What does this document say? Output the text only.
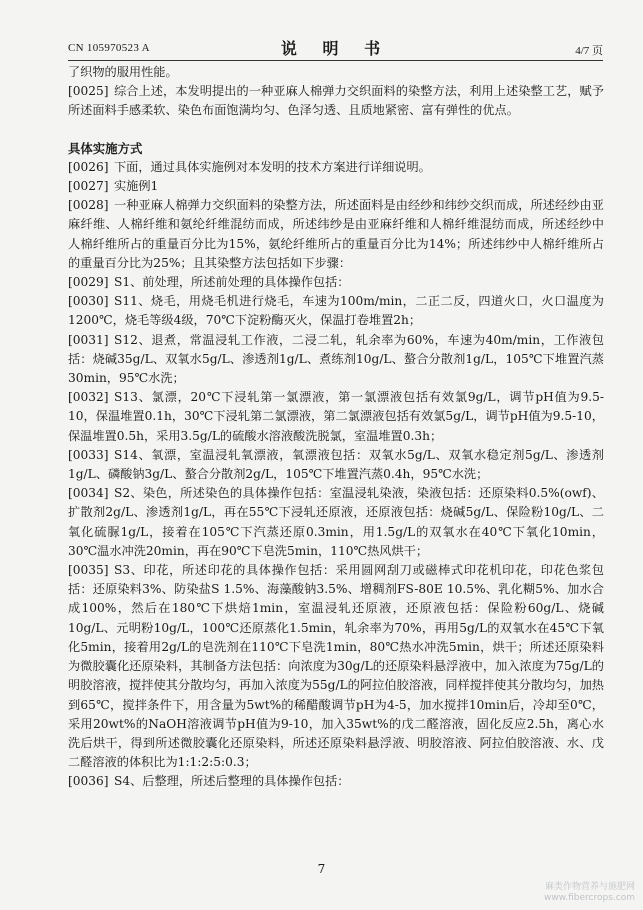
CN 105970523 A	说 明 书	4/7 页

了织物的服用性能。

[0025] 综合上述，本发明提出的一种亚麻人棉弹力交织面料的染整方法，利用上述染整工艺，赋予所述面料手感柔软、染色布面饱满均匀、色泽匀透、且质地紧密、富有弹性的优点。

具体实施方式

[0026] 下面，通过具体实施例对本发明的技术方案进行详细说明。

[0027] 实施例1

[0028] 一种亚麻人棉弹力交织面料的染整方法，所述面料是由经纱和纬纱交织而成，所述经纱由亚麻纤维、人棉纤维和氨纶纤维混纺而成，所述纬纱是由亚麻纤维和人棉纤维混纺而成，所述经纱中人棉纤维所占的重量百分比为15%，氨纶纤维所占的重量百分比为14%；所述纬纱中人棉纤维所占的重量百分比为25%；且其染整方法包括如下步骤：

[0029] S1、前处理，所述前处理的具体操作包括：

[0030] S11、烧毛，用烧毛机进行烧毛，车速为100m/min，二正二反，四道火口，火口温度为1200℃，烧毛等级4级，70℃下淀粉酶灭火，保温打卷堆置2h；

[0031] S12、退煮，常温浸轧工作液，二浸二轧，轧余率为60%，车速为40m/min，工作液包括：烧碱35g/L、双氧水5g/L、渗透剂1g/L、煮练剂10g/L、螯合分散剂1g/L，105℃下堆置汽蒸30min，95℃水洗；

[0032] S13、氯漂，20℃下浸轧第一氯漂液，第一氯漂液包括有效氯9g/L，调节pH值为9.5-10，保温堆置0.1h，30℃下浸轧第二氯漂液，第二氯漂液包括有效氯5g/L，调节pH值为9.5-10，保温堆置0.5h，采用3.5g/L的硫酸水溶液酸洗脱氯，室温堆置0.3h；

[0033] S14、氧漂，室温浸轧氧漂液，氧漂液包括：双氧水5g/L、双氧水稳定剂5g/L、渗透剂1g/L、磷酸钠3g/L、螯合分散剂2g/L，105℃下堆置汽蒸0.4h，95℃水洗；

[0034] S2、染色，所述染色的具体操作包括：室温浸轧染液，染液包括：还原染料0.5%(owf)、扩散剂2g/L、渗透剂1g/L，再在55℃下浸轧还原液，还原液包括：烧碱5g/L、保险粉10g/L、二氧化硫脲1g/L，接着在105℃下汽蒸还原0.3min，用1.5g/L的双氧水在40℃下氧化10min，30℃温水冲洗20min，再在90℃下皂洗5min，110℃热风烘干；

[0035] S3、印花，所述印花的具体操作包括：采用圆网刮刀或磁棒式印花机印花，印花色浆包括：还原染料3%、防染盐S 1.5%、海藻酸钠3.5%、增稠剂FS-80E 10.5%、乳化糊5%、加水合成100%，然后在180℃下烘焙1min，室温浸轧还原液，还原液包括：保险粉60g/L、烧碱10g/L、元明粉10g/L，100℃还原蒸化1.5min，轧余率为70%，再用5g/L的双氧水在45℃下氧化5min，接着用2g/L的皂洗剂在110℃下皂洗1min，80℃热水冲洗5min，烘干；所述还原染料为微胶囊化还原染料，其制备方法包括：向浓度为30g/L的还原染料悬浮液中，加入浓度为75g/L的明胶溶液，搅拌使其分散均匀，再加入浓度为55g/L的阿拉伯胶溶液，同样搅拌使其分散均匀，加热到65℃，搅拌条件下，用含量为5wt%的稀醋酸调节pH为4-5，加水搅拌10min后，冷却至0℃，采用20wt%的NaOH溶液调节pH值为9-10，加入35wt%的戊二醛溶液，固化反应2.5h，离心水洗后烘干，得到所述微胶囊化还原染料，所述还原染料悬浮液、明胶溶液、阿拉伯胶溶液、水、戊二醛溶液的体积比为1:1:2:5:0.3；

[0036] S4、后整理，所述后整理的具体操作包括：

7
麻类作物营养与施肥网
www.fibercrops.com
